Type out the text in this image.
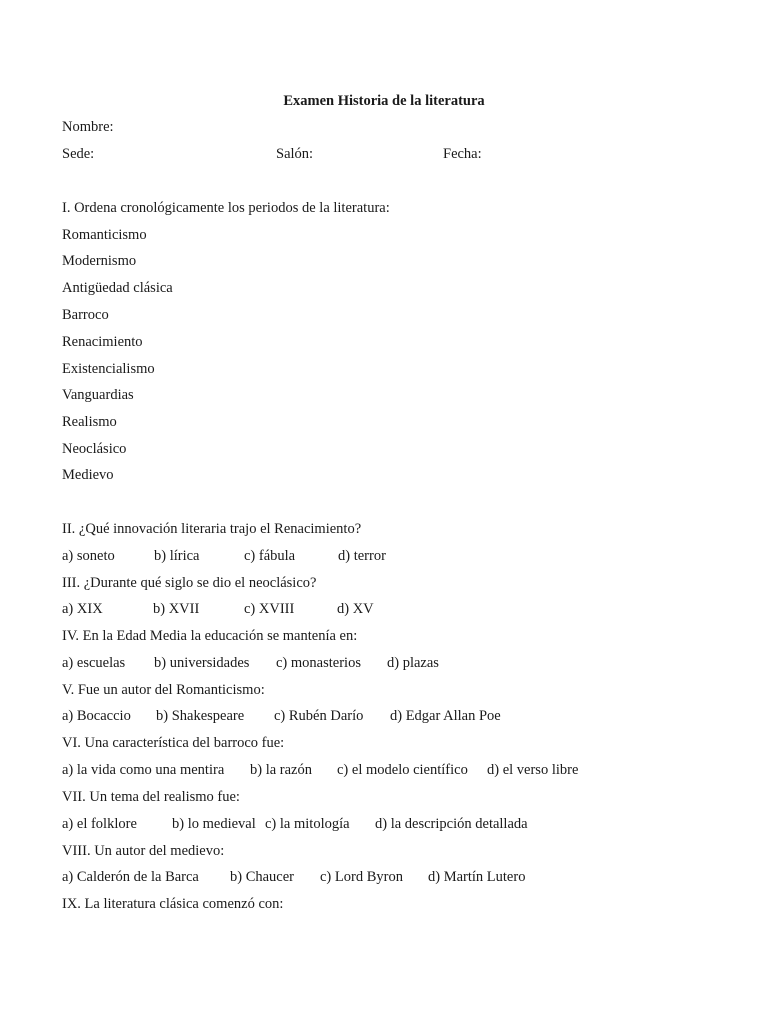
Examen Historia de la literatura
Nombre:
Sede:	Salón:	Fecha:
I. Ordena cronológicamente los periodos de la literatura:
Romanticismo
Modernismo
Antigüedad clásica
Barroco
Renacimiento
Existencialismo
Vanguardias
Realismo
Neoclásico
Medievo
II. ¿Qué innovación literaria trajo el Renacimiento?
a) soneto	b) lírica	c) fábula	d) terror
III. ¿Durante qué siglo se dio el neoclásico?
a) XIX	b) XVII	c) XVIII	d) XV
IV. En la Edad Media la educación se mantenía en:
a) escuelas b) universidades c) monasterios d) plazas
V. Fue un autor del Romanticismo:
a) Bocaccio b) Shakespeare c) Rubén Darío d) Edgar Allan Poe
VI. Una característica del barroco fue:
a) la vida como una mentira b) la razón c) el modelo científico d) el verso libre
VII. Un tema del realismo fue:
a) el folklore b) lo medieval c) la mitología d) la descripción detallada
VIII. Un autor del medievo:
a) Calderón de la Barca b) Chaucer c) Lord Byron d) Martín Lutero
IX. La literatura clásica comenzó con:
